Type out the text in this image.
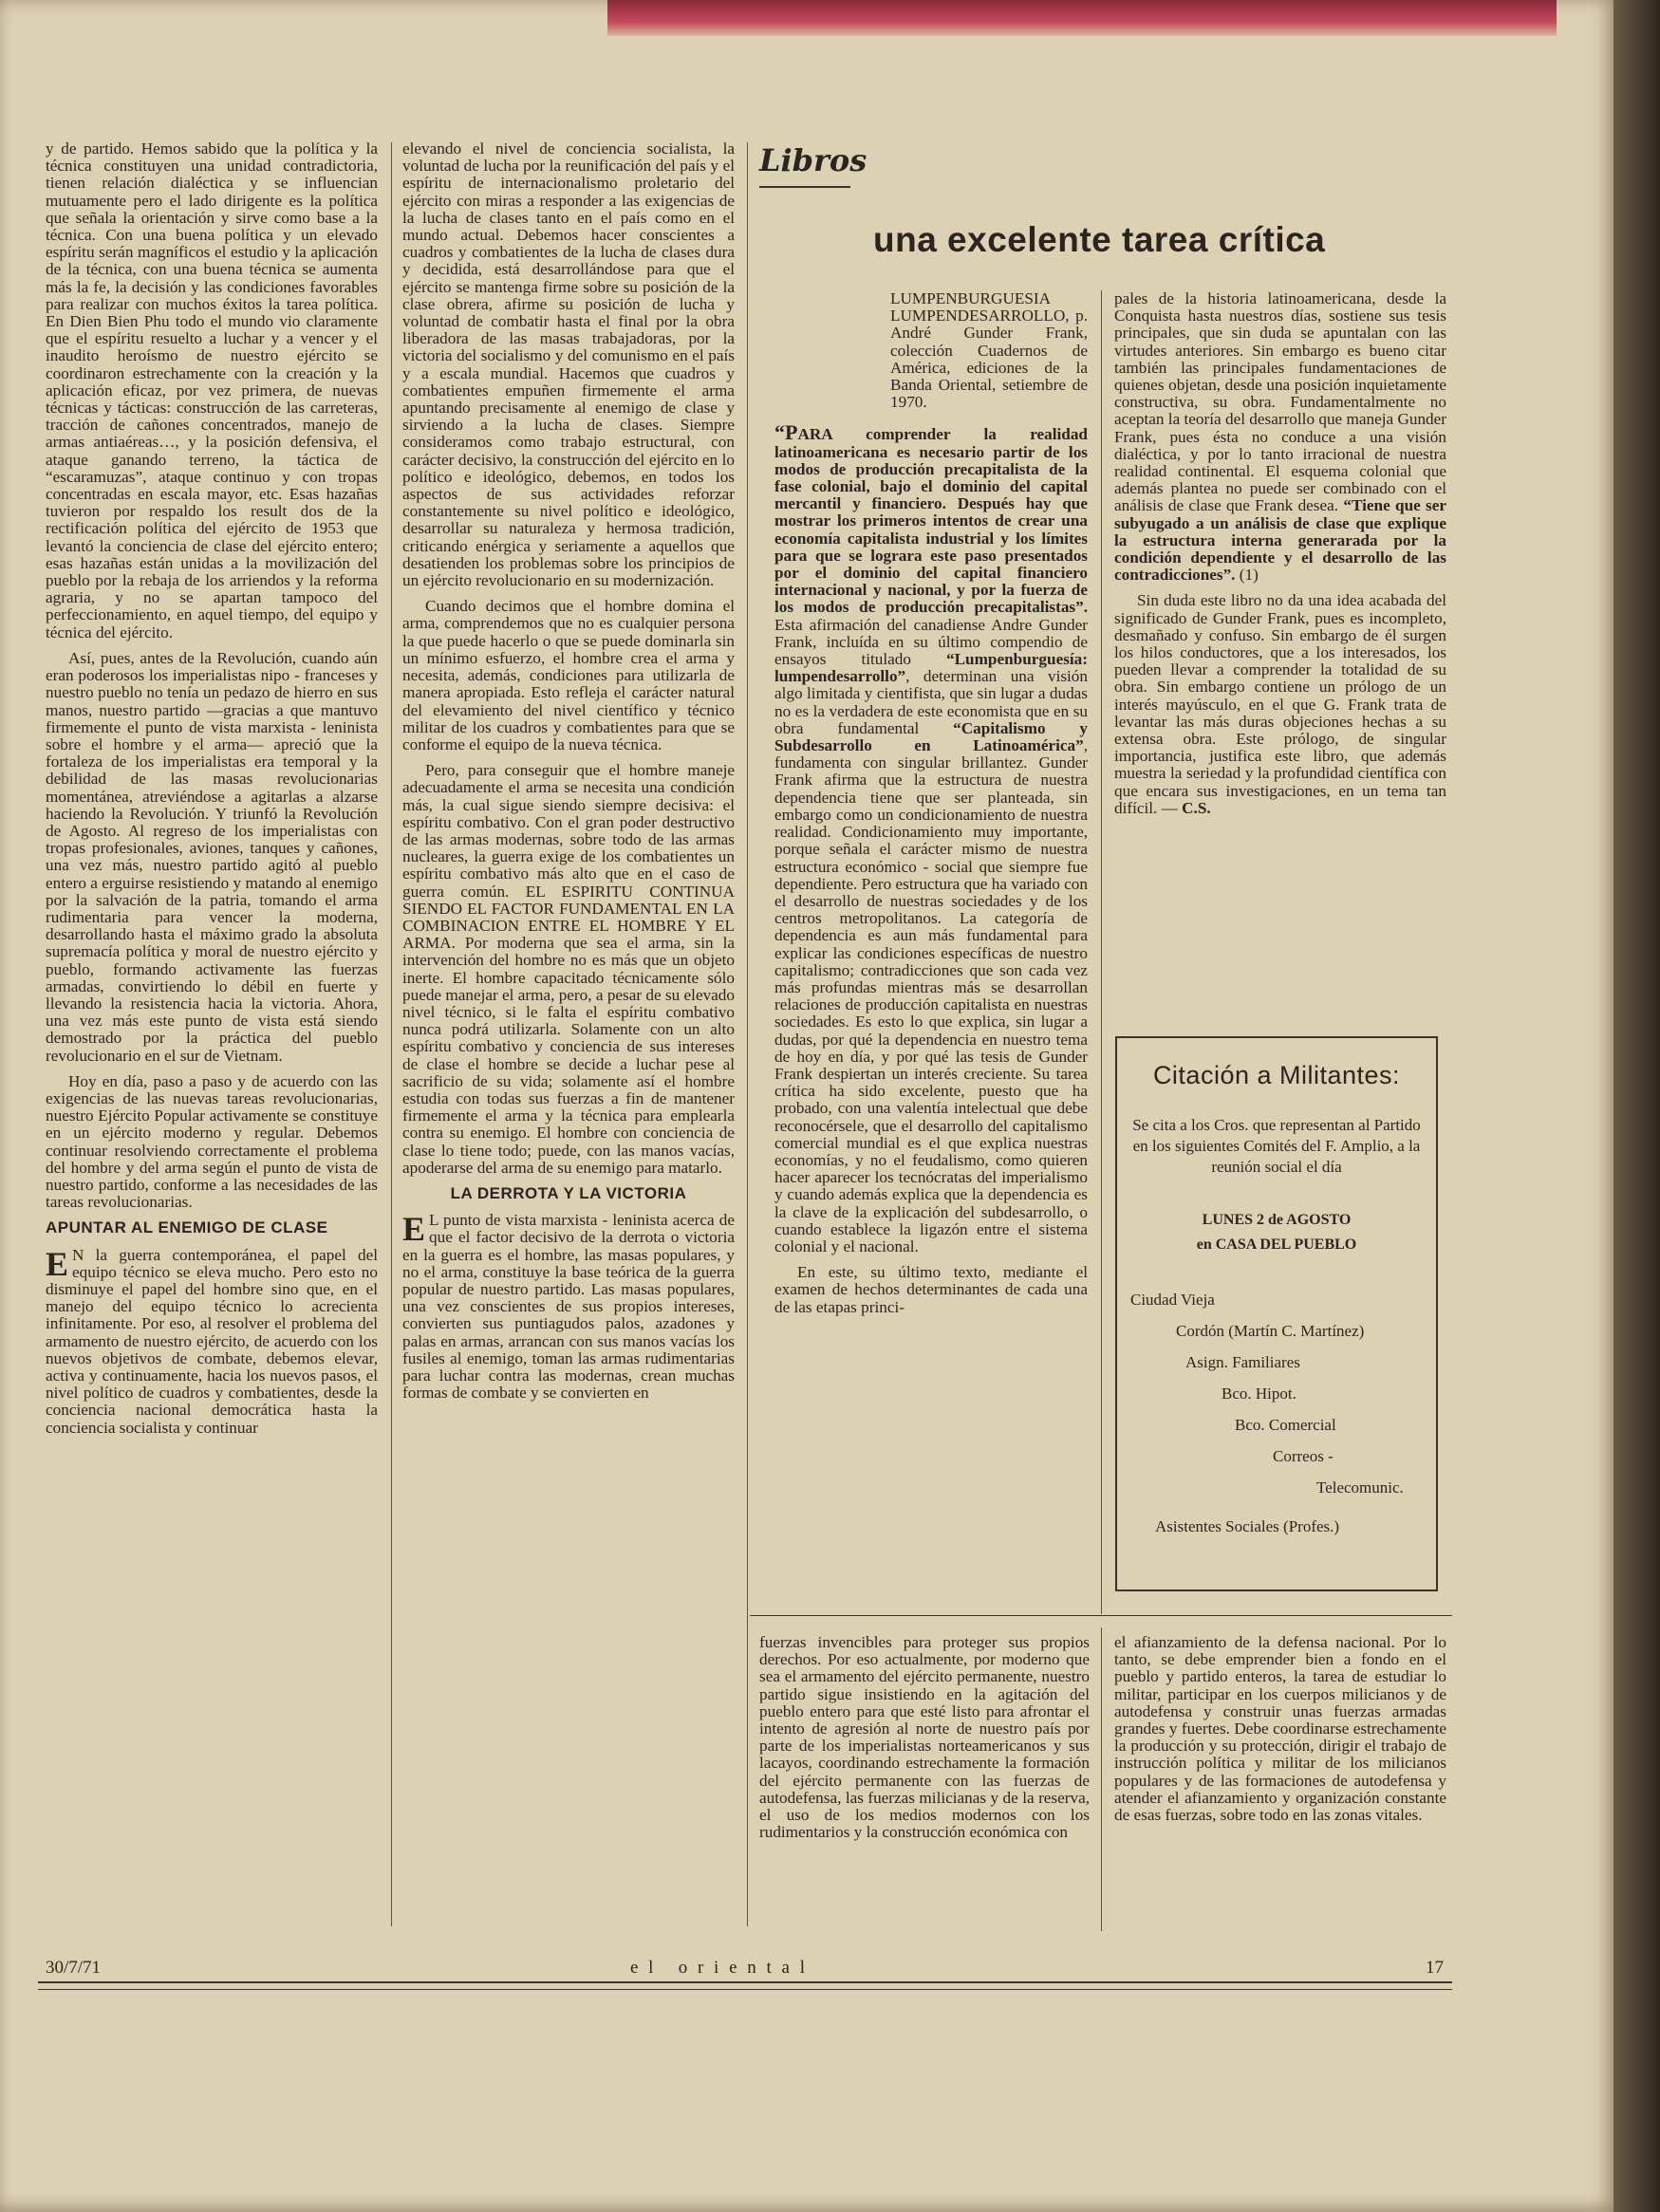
y de partido. Hemos sabido que la política y la técnica constituyen una unidad contradictoria, tienen relación dialéctica y se influencian mutuamente pero el lado dirigente es la política que señala la orientación y sirve como base a la técnica. Con una buena política y un elevado espíritu serán magníficos el estudio y la aplicación de la técnica, con una buena técnica se aumenta más la fe, la decisión y las condiciones favorables para realizar con muchos éxitos la tarea política. En Dien Bien Phu todo el mundo vio claramente que el espíritu resuelto a luchar y a vencer y el inaudito heroísmo de nuestro ejército se coordinaron estrechamente con la creación y la aplicación eficaz, por vez primera, de nuevas técnicas y tácticas: construcción de las carreteras, tracción de cañones concentrados, manejo de armas antiaéreas…, y la posición defensiva, el ataque ganando terreno, la táctica de “escaramuzas”, ataque continuo y con tropas concentradas en escala mayor, etc. Esas hazañas tuvieron por respaldo los result dos de la rectificación política del ejército de 1953 que levantó la conciencia de clase del ejército entero; esas hazañas están unidas a la movilización del pueblo por la rebaja de los arriendos y la reforma agraria, y no se apartan tampoco del perfeccionamiento, en aquel tiempo, del equipo y técnica del ejército.

Así, pues, antes de la Revolución, cuando aún eran poderosos los imperialistas nipo - franceses y nuestro pueblo no tenía un pedazo de hierro en sus manos, nuestro partido —gracias a que mantuvo firmemente el punto de vista marxista - leninista sobre el hombre y el arma— apreció que la fortaleza de los imperialistas era temporal y la debilidad de las masas revolucionarias momentánea, atreviéndose a agitarlas a alzarse haciendo la Revolución. Y triunfó la Revolución de Agosto. Al regreso de los imperialistas con tropas profesionales, aviones, tanques y cañones, una vez más, nuestro partido agitó al pueblo entero a erguirse resistiendo y matando al enemigo por la salvación de la patria, tomando el arma rudimentaria para vencer la moderna, desarrollando hasta el máximo grado la absoluta supremacía política y moral de nuestro ejército y pueblo, formando activamente las fuerzas armadas, convirtiendo lo débil en fuerte y llevando la resistencia hacia la victoria. Ahora, una vez más este punto de vista está siendo demostrado por la práctica del pueblo revolucionario en el sur de Vietnam.

Hoy en día, paso a paso y de acuerdo con las exigencias de las nuevas tareas revolucionarias, nuestro Ejército Popular activamente se constituye en un ejército moderno y regular. Debemos continuar resolviendo correctamente el problema del hombre y del arma según el punto de vista de nuestro partido, conforme a las necesidades de las tareas revolucionarias.

APUNTAR AL ENEMIGO DE CLASE

E N la guerra contemporánea, el papel del equipo técnico se eleva mucho. Pero esto no disminuye el papel del hombre sino que, en el manejo del equipo técnico lo acrecienta infinitamente. Por eso, al resolver el problema del armamento de nuestro ejército, de acuerdo con los nuevos objetivos de combate, debemos elevar, activa y continuamente, hacia los nuevos pasos, el nivel político de cuadros y combatientes, desde la conciencia nacional democrática hasta la conciencia socialista y continuar

elevando el nivel de conciencia socialista, la voluntad de lucha por la reunificación del país y el espíritu de internacionalismo proletario del ejército con miras a responder a las exigencias de la lucha de clases tanto en el país como en el mundo actual. Debemos hacer conscientes a cuadros y combatientes de la lucha de clases dura y decidida, está desarrollándose para que el ejército se mantenga firme sobre su posición de la clase obrera, afirme su posición de lucha y voluntad de combatir hasta el final por la obra liberadora de las masas trabajadoras, por la victoria del socialismo y del comunismo en el país y a escala mundial. Hacemos que cuadros y combatientes empuñen firmemente el arma apuntando precisamente al enemigo de clase y sirviendo a la lucha de clases. Siempre consideramos como trabajo estructural, con carácter decisivo, la construcción del ejército en lo político e ideológico, debemos, en todos los aspectos de sus actividades reforzar constantemente su nivel político e ideológico, desarrollar su naturaleza y hermosa tradición, criticando enérgica y seriamente a aquellos que desatienden los problemas sobre los principios de un ejército revolucionario en su modernización.

Cuando decimos que el hombre domina el arma, comprendemos que no es cualquier persona la que puede hacerlo o que se puede dominarla sin un mínimo esfuerzo, el hombre crea el arma y necesita, además, condiciones para utilizarla de manera apropiada. Esto refleja el carácter natural del elevamiento del nivel científico y técnico militar de los cuadros y combatientes para que se conforme el equipo de la nueva técnica.

Pero, para conseguir que el hombre maneje adecuadamente el arma se necesita una condición más, la cual sigue siendo siempre decisiva: el espíritu combativo. Con el gran poder destructivo de las armas modernas, sobre todo de las armas nucleares, la guerra exige de los combatientes un espíritu combativo más alto que en el caso de guerra común. EL ESPIRITU CONTINUA SIENDO EL FACTOR FUNDAMENTAL EN LA COMBINACION ENTRE EL HOMBRE Y EL ARMA. Por moderna que sea el arma, sin la intervención del hombre no es más que un objeto inerte. El hombre capacitado técnicamente sólo puede manejar el arma, pero, a pesar de su elevado nivel técnico, si le falta el espíritu combativo nunca podrá utilizarla. Solamente con un alto espíritu combativo y conciencia de sus intereses de clase el hombre se decide a luchar pese al sacrificio de su vida; solamente así el hombre estudia con todas sus fuerzas a fin de mantener firmemente el arma y la técnica para emplearla contra su enemigo. El hombre con conciencia de clase lo tiene todo; puede, con las manos vacías, apoderarse del arma de su enemigo para matarlo.

LA DERROTA Y LA VICTORIA

E L punto de vista marxista - leninista acerca de que el factor decisivo de la derrota o victoria en la guerra es el hombre, las masas populares, y no el arma, constituye la base teórica de la guerra popular de nuestro partido. Las masas populares, una vez conscientes de sus propios intereses, convierten sus puntiagudos palos, azadones y palas en armas, arrancan con sus manos vacías los fusiles al enemigo, toman las armas rudimentarias para luchar contra las modernas, crean muchas formas de combate y se convierten en

Libros
una excelente tarea crítica

LUMPENBURGUESIA LUMPENDESARROLLO, p. André Gunder Frank, colección Cuadernos de América, ediciones de la Banda Oriental, setiembre de 1970.

“PARA comprender la realidad latinoamericana es necesario partir de los modos de producción precapitalista de la fase colonial, bajo el dominio del capital mercantil y financiero. Después hay que mostrar los primeros intentos de crear una economía capitalista industrial y los límites para que se lograra este paso presentados por el dominio del capital financiero internacional y nacional, y por la fuerza de los modos de producción precapitalistas”. Esta afirmación del canadiense Andre Gunder Frank, incluída en su último compendio de ensayos titulado “Lumpenburguesía: lumpendesarrollo”, determinan una visión algo limitada y cientifista, que sin lugar a dudas no es la verdadera de este economista que en su obra fundamental “Capitalismo y Subdesarrollo en Latinoamérica”, fundamenta con singular brillantez. Gunder Frank afirma que la estructura de nuestra dependencia tiene que ser planteada, sin embargo como un condicionamiento de nuestra realidad. Condicionamiento muy importante, porque señala el carácter mismo de nuestra estructura económico - social que siempre fue dependiente. Pero estructura que ha variado con el desarrollo de nuestras sociedades y de los centros metropolitanos. La categoría de dependencia es aun más fundamental para explicar las condiciones específicas de nuestro capitalismo; contradicciones que son cada vez más profundas mientras más se desarrollan relaciones de producción capitalista en nuestras sociedades. Es esto lo que explica, sin lugar a dudas, por qué la dependencia en nuestro tema de hoy en día, y por qué las tesis de Gunder Frank despiertan un interés creciente. Su tarea crítica ha sido excelente, puesto que ha probado, con una valentía intelectual que debe reconocérsele, que el desarrollo del capitalismo comercial mundial es el que explica nuestras economías, y no el feudalismo, como quieren hacer aparecer los tecnócratas del imperialismo y cuando además explica que la dependencia es la clave de la explicación del subdesarrollo, o cuando establece la ligazón entre el sistema colonial y el nacional.

En este, su último texto, mediante el examen de hechos determinantes de cada una de las etapas princi-

pales de la historia latinoamericana, desde la Conquista hasta nuestros días, sostiene sus tesis principales, que sin duda se apuntalan con las virtudes anteriores. Sin embargo es bueno citar también las principales fundamentaciones de quienes objetan, desde una posición inquietamente constructiva, su obra. Fundamentalmente no aceptan la teoría del desarrollo que maneja Gunder Frank, pues ésta no conduce a una visión dialéctica, y por lo tanto irracional de nuestra realidad continental. El esquema colonial que además plantea no puede ser combinado con el análisis de clase que Frank desea. “Tiene que ser subyugado a un análisis de clase que explique la estructura interna generarada por la condición dependiente y el desarrollo de las contradicciones”. (1)

Sin duda este libro no da una idea acabada del significado de Gunder Frank, pues es incompleto, desmañado y confuso. Sin embargo de él surgen los hilos conductores, que a los interesados, los pueden llevar a comprender la totalidad de su obra. Sin embargo contiene un prólogo de un interés mayúsculo, en el que G. Frank trata de levantar las más duras objeciones hechas a su extensa obra. Este prólogo, de singular importancia, justifica este libro, que además muestra la seriedad y la profundidad científica con que encara sus investigaciones, en un tema tan difícil. — C.S.

Citación a Militantes:

Se cita a los Cros. que representan al Partido en los siguientes Comités del F. Amplio, a la reunión social el día

LUNES 2 de AGOSTO
en CASA DEL PUEBLO
Ciudad Vieja
Cordón (Martín C. Martínez)
Asign. Familiares
Bco. Hipot.
Bco. Comercial
Correos -
Telecomunic.
Asistentes Sociales (Profes.)
fuerzas invencibles para proteger sus propios derechos. Por eso actualmente, por moderno que sea el armamento del ejército permanente, nuestro partido sigue insistiendo en la agitación del pueblo entero para que esté listo para afrontar el intento de agresión al norte de nuestro país por parte de los imperialistas norteamericanos y sus lacayos, coordinando estrechamente la formación del ejército permanente con las fuerzas de autodefensa, las fuerzas milicianas y de la reserva, el uso de los medios modernos con los rudimentarios y la construcción económica con
el afianzamiento de la defensa nacional. Por lo tanto, se debe emprender bien a fondo en el pueblo y partido enteros, la tarea de estudiar lo militar, participar en los cuerpos milicianos y de autodefensa y construir unas fuerzas armadas grandes y fuertes. Debe coordinarse estrechamente la producción y su protección, dirigir el trabajo de instrucción política y militar de los milicianos populares y de las formaciones de autodefensa y atender el afianzamiento y organización constante de esas fuerzas, sobre todo en las zonas vitales.
30/7/71	e l   o r i e n t a l	17
